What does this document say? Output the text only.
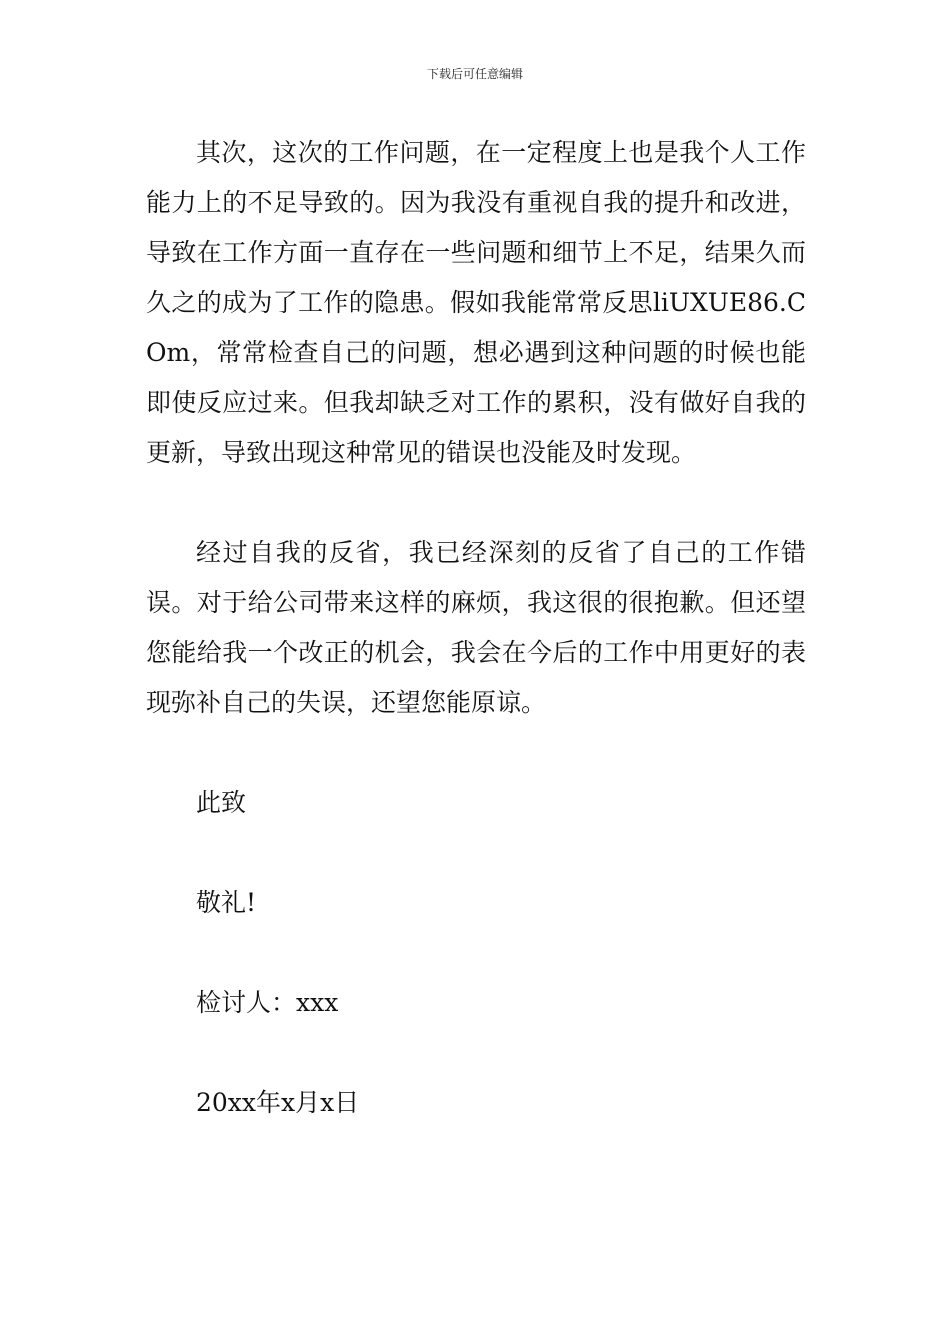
下载后可任意编辑

其次，这次的工作问题，在一定程度上也是我个人工作能力上的不足导致的。因为我没有重视自我的提升和改进，导致在工作方面一直存在一些问题和细节上不足，结果久而久之的成为了工作的隐患。假如我能常常反思liUXUE86.COm，常常检查自己的问题，想必遇到这种问题的时候也能即使反应过来。但我却缺乏对工作的累积，没有做好自我的更新，导致出现这种常见的错误也没能及时发现。

经过自我的反省，我已经深刻的反省了自己的工作错误。对于给公司带来这样的麻烦，我这很的很抱歉。但还望您能给我一个改正的机会，我会在今后的工作中用更好的表现弥补自己的失误，还望您能原谅。

此致

敬礼!

检讨人：xxx

20xx年x月x日
